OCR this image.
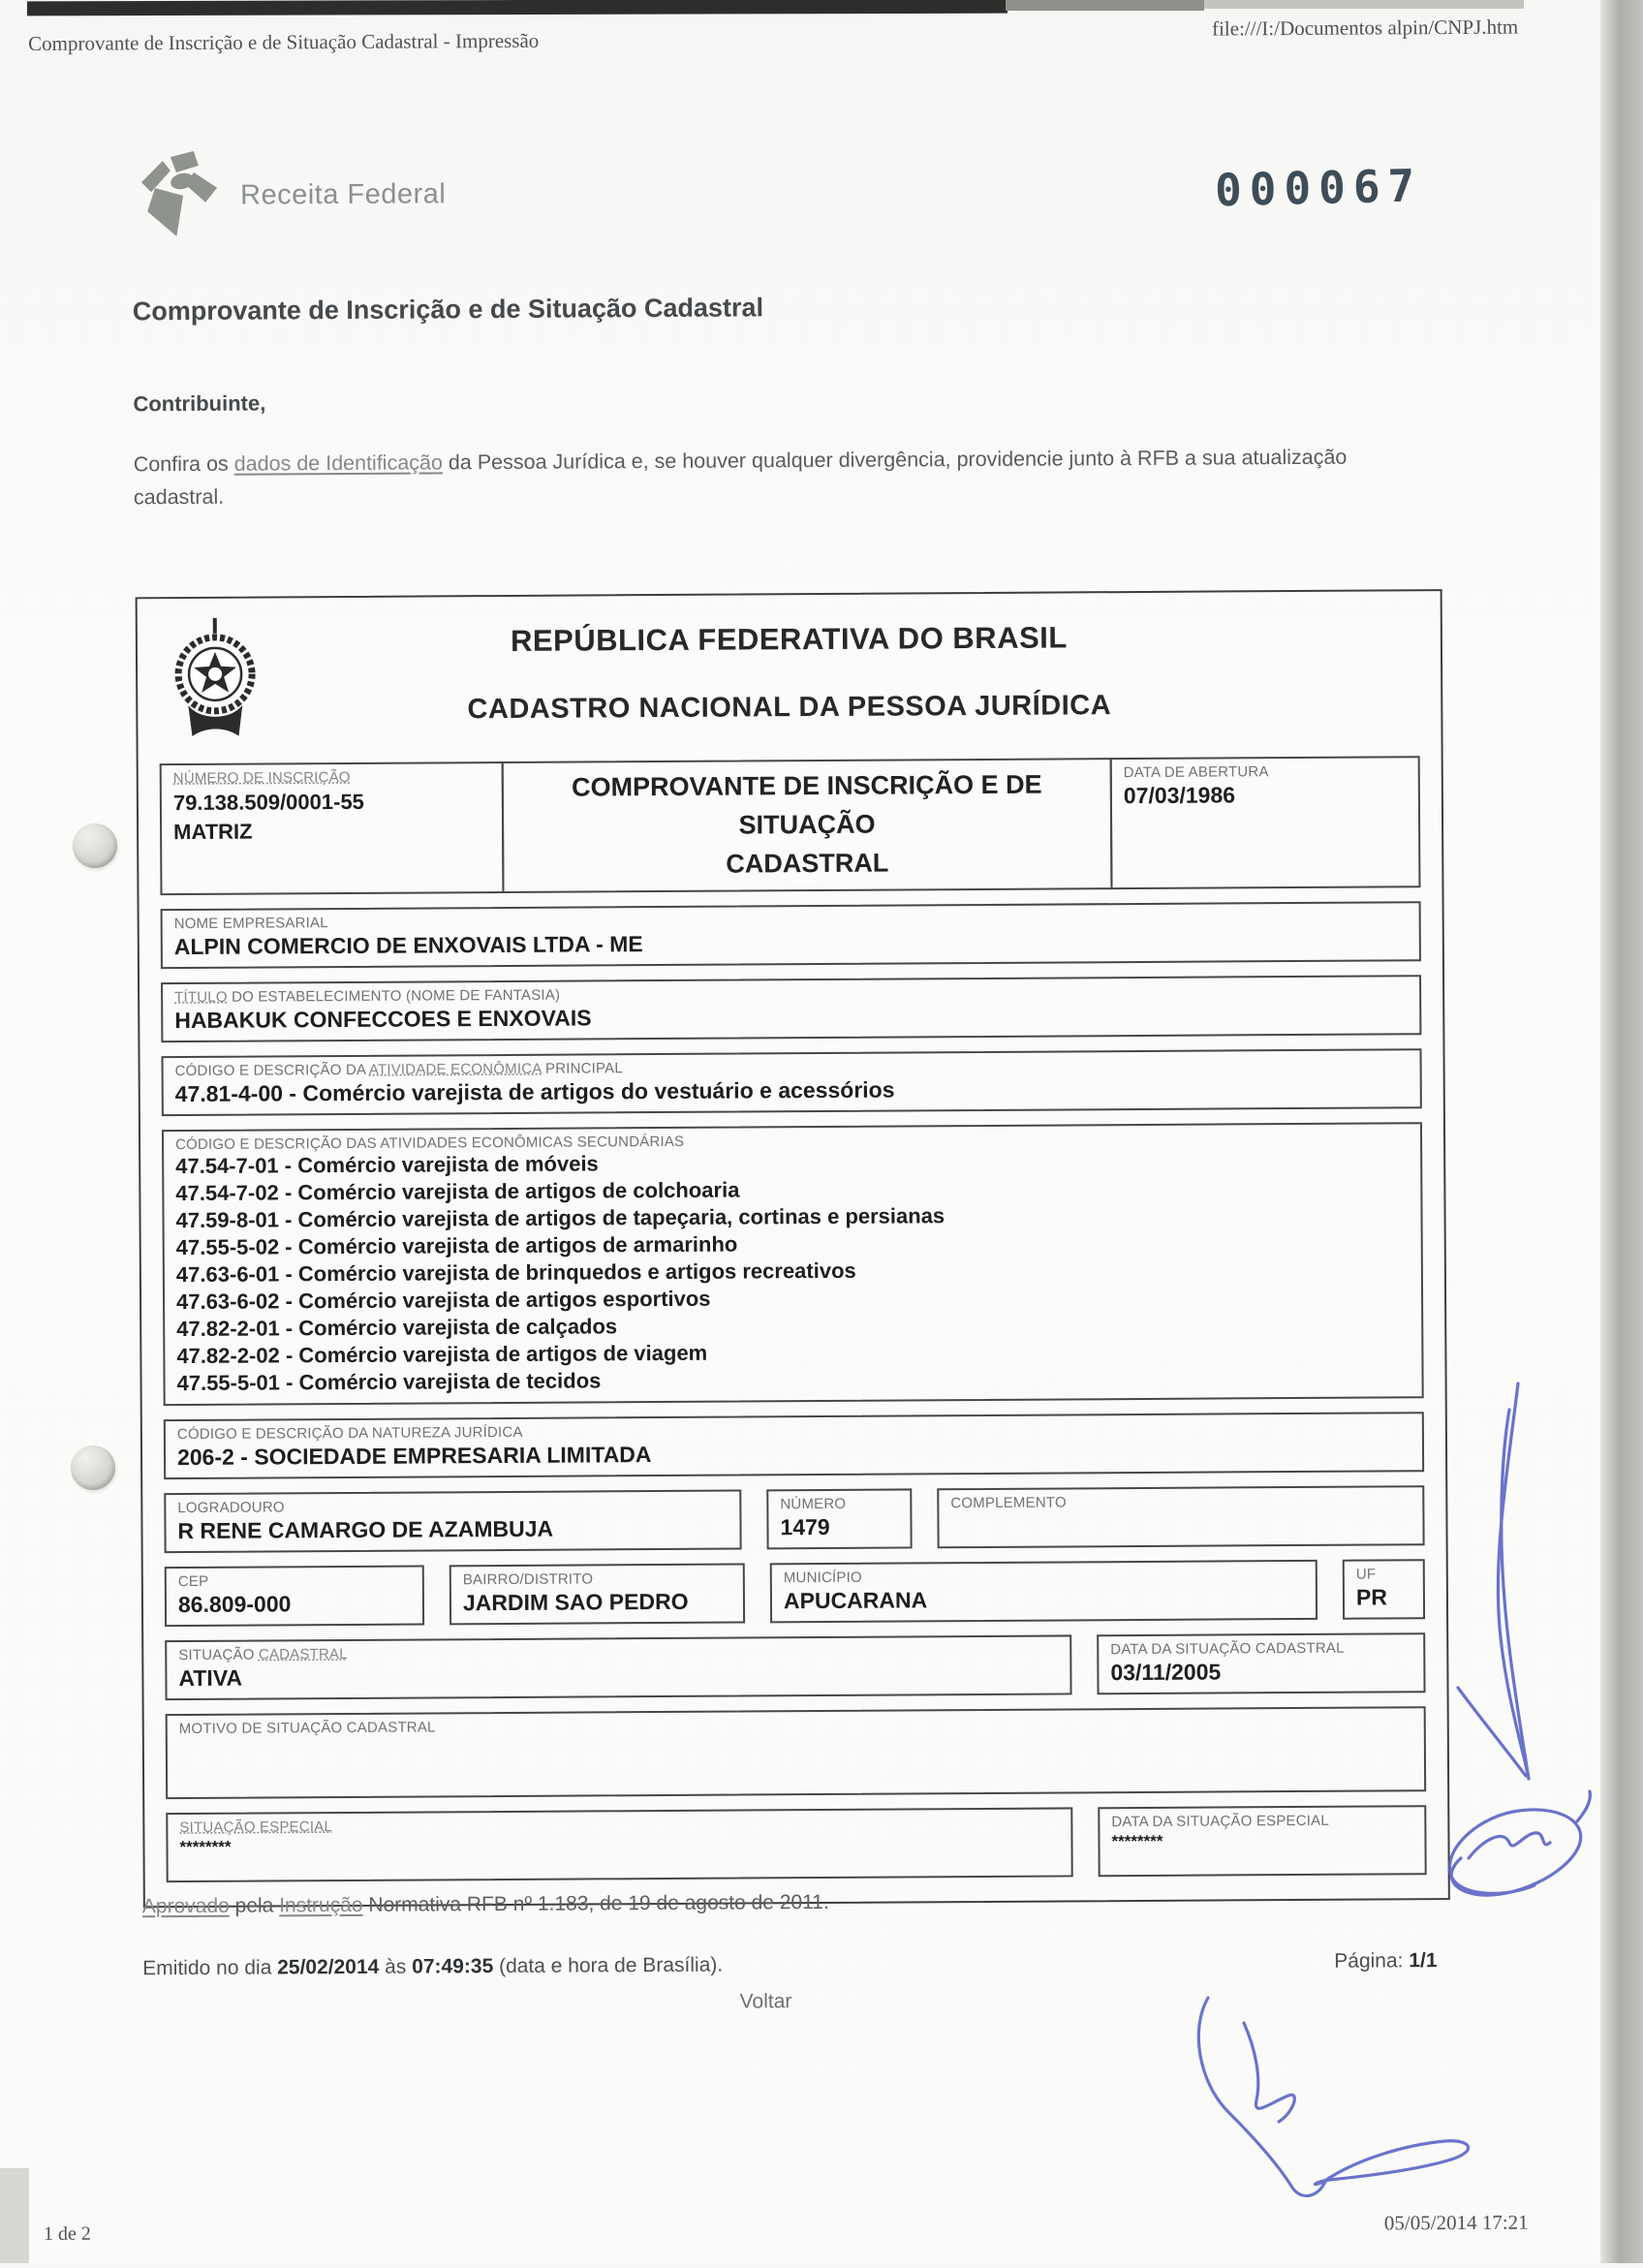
Comprovante de Inscrição e de Situação Cadastral - Impressão
file:///I:/Documentos alpin/CNPJ.htm
Receita Federal	000067
Comprovante de Inscrição e de Situação Cadastral
Contribuinte,
Confira os dados de Identificação da Pessoa Jurídica e, se houver qualquer divergência, providencie junto à RFB a sua atualização cadastral.
REPÚBLICA FEDERATIVA DO BRASIL
CADASTRO NACIONAL DA PESSOA JURÍDICA
NÚMERO DE INSCRIÇÃO
79.138.509/0001-55
MATRIZ
COMPROVANTE DE INSCRIÇÃO E DE SITUAÇÃO
CADASTRAL
DATA DE ABERTURA
07/03/1986
NOME EMPRESARIAL
ALPIN COMERCIO DE ENXOVAIS LTDA - ME
TÍTULO DO ESTABELECIMENTO (NOME DE FANTASIA)
HABAKUK CONFECCOES E ENXOVAIS
CÓDIGO E DESCRIÇÃO DA ATIVIDADE ECONÔMICA PRINCIPAL
47.81-4-00 - Comércio varejista de artigos do vestuário e acessórios
CÓDIGO E DESCRIÇÃO DAS ATIVIDADES ECONÔMICAS SECUNDÁRIAS
47.54-7-01 - Comércio varejista de móveis
47.54-7-02 - Comércio varejista de artigos de colchoaria
47.59-8-01 - Comércio varejista de artigos de tapeçaria, cortinas e persianas
47.55-5-02 - Comércio varejista de artigos de armarinho
47.63-6-01 - Comércio varejista de brinquedos e artigos recreativos
47.63-6-02 - Comércio varejista de artigos esportivos
47.82-2-01 - Comércio varejista de calçados
47.82-2-02 - Comércio varejista de artigos de viagem
47.55-5-01 - Comércio varejista de tecidos
CÓDIGO E DESCRIÇÃO DA NATUREZA JURÍDICA
206-2 - SOCIEDADE EMPRESARIA LIMITADA
LOGRADOURO
R RENE CAMARGO DE AZAMBUJA
NÚMERO
1479
COMPLEMENTO
CEP
86.809-000
BAIRRO/DISTRITO
JARDIM SAO PEDRO
MUNICÍPIO
APUCARANA
UF
PR
SITUAÇÃO CADASTRAL
ATIVA
DATA DA SITUAÇÃO CADASTRAL
03/11/2005
MOTIVO DE SITUAÇÃO CADASTRAL
SITUAÇÃO ESPECIAL
********
DATA DA SITUAÇÃO ESPECIAL
********
Aprovado pela Instrução Normativa RFB nº 1.183, de 19 de agosto de 2011.
Emitido no dia 25/02/2014 às 07:49:35 (data e hora de Brasília).	Página: 1/1
Voltar
1 de 2	05/05/2014 17:21
